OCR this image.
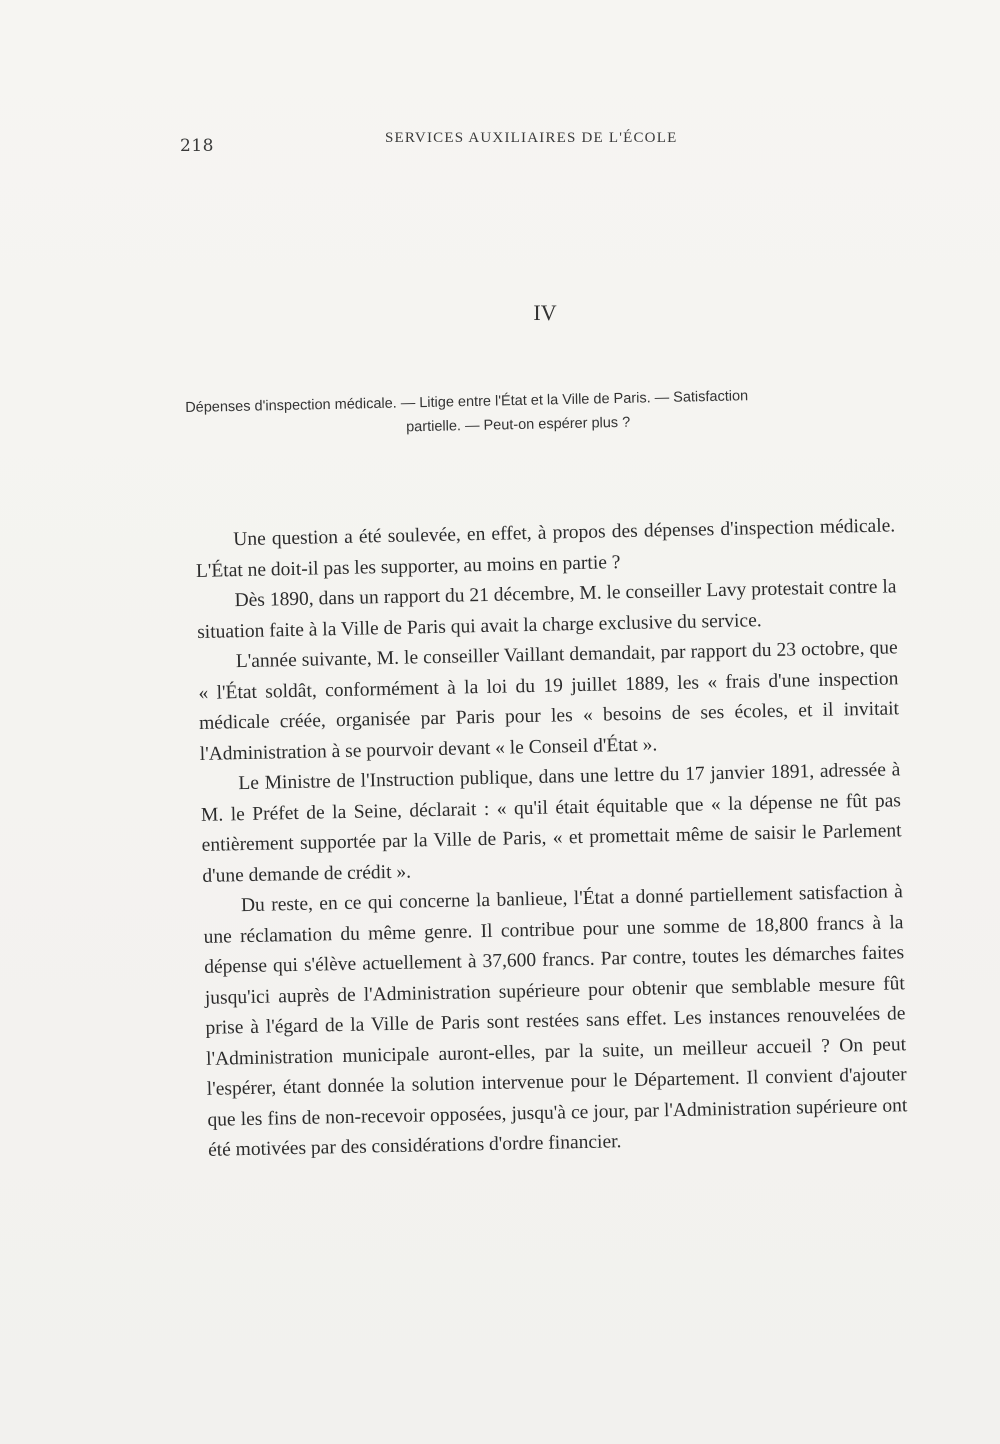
218	SERVICES AUXILIAIRES DE L'ÉCOLE
IV
Dépenses d'inspection médicale. — Litige entre l'État et la Ville de Paris. — Satisfaction
partielle. — Peut-on espérer plus ?

Une question a été soulevée, en effet, à propos des dépenses d'inspection médicale. L'État ne doit-il pas les supporter, au moins en partie ?

Dès 1890, dans un rapport du 21 décembre, M. le conseiller Lavy protestait contre la situation faite à la Ville de Paris qui avait la charge exclusive du service.

L'année suivante, M. le conseiller Vaillant demandait, par rapport du 23 octobre, que « l'État soldât, conformément à la loi du 19 juillet 1889, les « frais d'une inspection médicale créée, organisée par Paris pour les « besoins de ses écoles, et il invitait l'Administration à se pourvoir devant « le Conseil d'État ».

Le Ministre de l'Instruction publique, dans une lettre du 17 janvier 1891, adressée à M. le Préfet de la Seine, déclarait : « qu'il était équitable que « la dépense ne fût pas entièrement supportée par la Ville de Paris, « et promettait même de saisir le Parlement d'une demande de crédit ».

Du reste, en ce qui concerne la banlieue, l'État a donné partiellement satisfaction à une réclamation du même genre. Il contribue pour une somme de 18,800 francs à la dépense qui s'élève actuellement à 37,600 francs. Par contre, toutes les démarches faites jusqu'ici auprès de l'Administration supérieure pour obtenir que semblable mesure fût prise à l'égard de la Ville de Paris sont restées sans effet. Les instances renouvelées de l'Administration municipale auront-elles, par la suite, un meilleur accueil ? On peut l'espérer, étant donnée la solution intervenue pour le Département. Il convient d'ajouter que les fins de non-recevoir opposées, jusqu'à ce jour, par l'Administration supérieure ont été motivées par des considérations d'ordre financier.
